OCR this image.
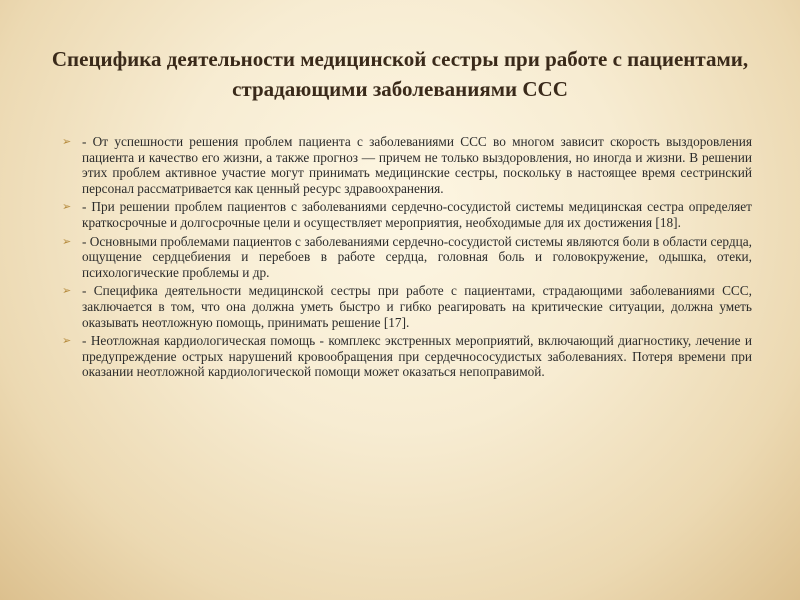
Специфика деятельности медицинской сестры при работе с пациентами, страдающими заболеваниями ССС
➢ - От успешности решения проблем пациента с заболеваниями ССС во многом зависит скорость выздоровления пациента и качество его жизни, а также прогноз — причем не только выздоровления, но иногда и жизни. В решении этих проблем активное участие могут принимать медицинские сестры, поскольку в настоящее время сестринский персонал рассматривается как ценный ресурс здравоохранения.
➢ - При решении проблем пациентов с заболеваниями сердечно-сосудистой системы медицинская сестра определяет краткосрочные и долгосрочные цели и осуществляет мероприятия, необходимые для их достижения [18].
➢ - Основными проблемами пациентов с заболеваниями сердечно-сосудистой системы являются боли в области сердца, ощущение сердцебиения и перебоев в работе сердца, головная боль и головокружение, одышка, отеки, психологические проблемы и др.
➢ - Специфика деятельности медицинской сестры при работе с пациентами, страдающими заболеваниями ССС, заключается в том, что она должна уметь быстро и гибко реагировать на критические ситуации, должна уметь оказывать неотложную помощь, принимать решение [17].
➢ - Неотложная кардиологическая помощь - комплекс экстренных мероприятий, включающий диагностику, лечение и предупреждение острых нарушений кровообращения при сердечнососудистых заболеваниях. Потеря времени при оказании неотложной кардиологической помощи может оказаться непоправимой.
